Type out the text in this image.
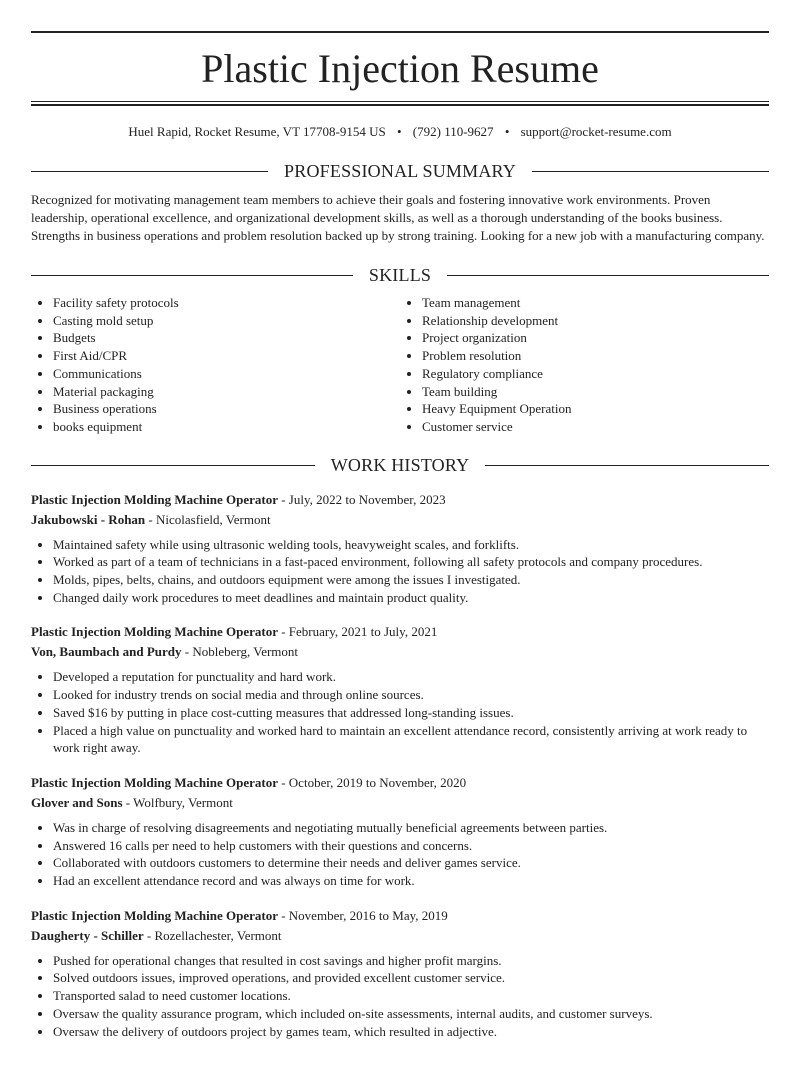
Plastic Injection Resume
Huel Rapid, Rocket Resume, VT 17708-9154 US • (792) 110-9627 • support@rocket-resume.com
PROFESSIONAL SUMMARY
Recognized for motivating management team members to achieve their goals and fostering innovative work environments. Proven leadership, operational excellence, and organizational development skills, as well as a thorough understanding of the books business. Strengths in business operations and problem resolution backed up by strong training. Looking for a new job with a manufacturing company.
SKILLS
• Facility safety protocols
• Casting mold setup
• Budgets
• First Aid/CPR
• Communications
• Material packaging
• Business operations
• books equipment
• Team management
• Relationship development
• Project organization
• Problem resolution
• Regulatory compliance
• Team building
• Heavy Equipment Operation
• Customer service
WORK HISTORY
Plastic Injection Molding Machine Operator - July, 2022 to November, 2023
Jakubowski - Rohan - Nicolasfield, Vermont
• Maintained safety while using ultrasonic welding tools, heavyweight scales, and forklifts.
• Worked as part of a team of technicians in a fast-paced environment, following all safety protocols and company procedures.
• Molds, pipes, belts, chains, and outdoors equipment were among the issues I investigated.
• Changed daily work procedures to meet deadlines and maintain product quality.
Plastic Injection Molding Machine Operator - February, 2021 to July, 2021
Von, Baumbach and Purdy - Nobleberg, Vermont
• Developed a reputation for punctuality and hard work.
• Looked for industry trends on social media and through online sources.
• Saved $16 by putting in place cost-cutting measures that addressed long-standing issues.
• Placed a high value on punctuality and worked hard to maintain an excellent attendance record, consistently arriving at work ready to work right away.
Plastic Injection Molding Machine Operator - October, 2019 to November, 2020
Glover and Sons - Wolfbury, Vermont
• Was in charge of resolving disagreements and negotiating mutually beneficial agreements between parties.
• Answered 16 calls per need to help customers with their questions and concerns.
• Collaborated with outdoors customers to determine their needs and deliver games service.
• Had an excellent attendance record and was always on time for work.
Plastic Injection Molding Machine Operator - November, 2016 to May, 2019
Daugherty - Schiller - Rozellachester, Vermont
• Pushed for operational changes that resulted in cost savings and higher profit margins.
• Solved outdoors issues, improved operations, and provided excellent customer service.
• Transported salad to need customer locations.
• Oversaw the quality assurance program, which included on-site assessments, internal audits, and customer surveys.
• Oversaw the delivery of outdoors project by games team, which resulted in adjective.
